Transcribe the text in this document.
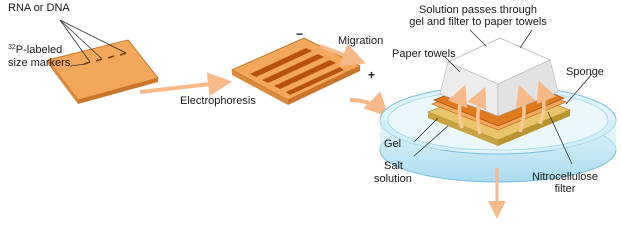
RNA or DNA
$^{32}$P-labeled
size markers
Electrophoresis
−	Migration
+
Solution passes through
gel and filter to paper towels
Paper towels
Sponge
Gel
Salt
solution	Nitrocellulose
filter
